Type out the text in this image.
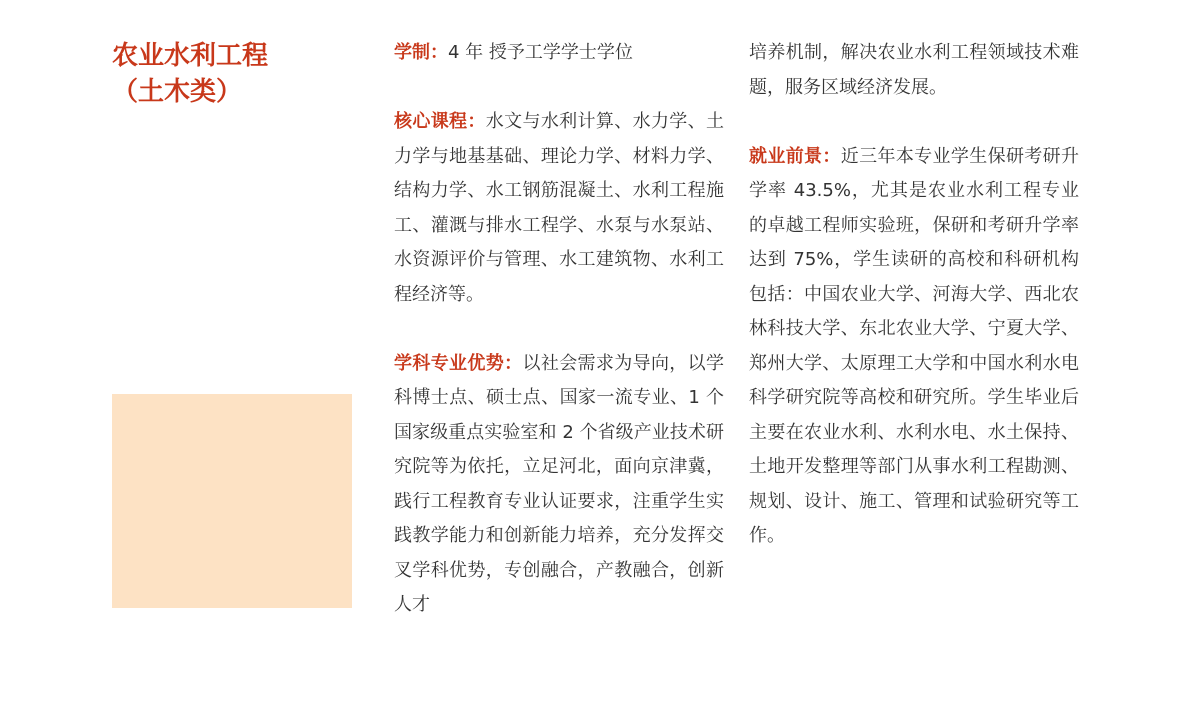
农业水利工程
（土木类）

学制：4 年 授予工学学士学位

核心课程：水文与水利计算、水力学、土力学与地基基础、理论力学、材料力学、结构力学、水工钢筋混凝土、水利工程施工、灌溉与排水工程学、水泵与水泵站、水资源评价与管理、水工建筑物、水利工程经济等。

学科专业优势：以社会需求为导向，以学科博士点、硕士点、国家一流专业、1 个国家级重点实验室和 2 个省级产业技术研究院等为依托，立足河北，面向京津冀，践行工程教育专业认证要求，注重学生实践教学能力和创新能力培养，充分发挥交叉学科优势，专创融合，产教融合，创新人才

培养机制，解决农业水利工程领域技术难题，服务区域经济发展。

就业前景：近三年本专业学生保研考研升学率 43.5%，尤其是农业水利工程专业的卓越工程师实验班，保研和考研升学率达到 75%，学生读研的高校和科研机构包括：中国农业大学、河海大学、西北农林科技大学、东北农业大学、宁夏大学、郑州大学、太原理工大学和中国水利水电科学研究院等高校和研究所。学生毕业后主要在农业水利、水利水电、水土保持、土地开发整理等部门从事水利工程勘测、规划、设计、施工、管理和试验研究等工作。
